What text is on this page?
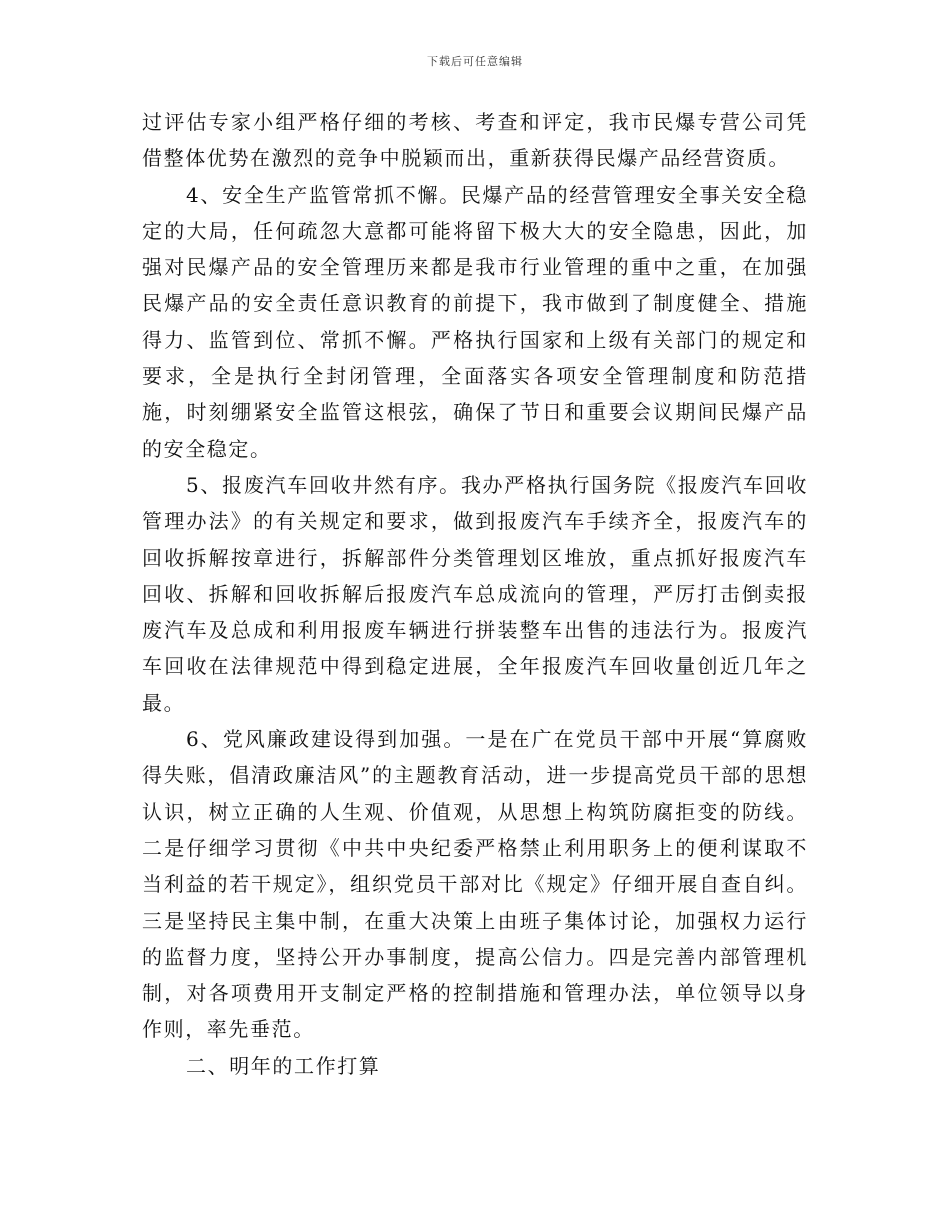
下载后可任意编辑

过评估专家小组严格仔细的考核、考查和评定，我市民爆专营公司凭借整体优势在激烈的竞争中脱颖而出，重新获得民爆产品经营资质。

4、安全生产监管常抓不懈。民爆产品的经营管理安全事关安全稳定的大局，任何疏忽大意都可能将留下极大大的安全隐患，因此，加强对民爆产品的安全管理历来都是我市行业管理的重中之重，在加强民爆产品的安全责任意识教育的前提下，我市做到了制度健全、措施得力、监管到位、常抓不懈。严格执行国家和上级有关部门的规定和要求，全是执行全封闭管理，全面落实各项安全管理制度和防范措施，时刻绷紧安全监管这根弦，确保了节日和重要会议期间民爆产品的安全稳定。

5、报废汽车回收井然有序。我办严格执行国务院《报废汽车回收管理办法》的有关规定和要求，做到报废汽车手续齐全，报废汽车的回收拆解按章进行，拆解部件分类管理划区堆放，重点抓好报废汽车回收、拆解和回收拆解后报废汽车总成流向的管理，严厉打击倒卖报废汽车及总成和利用报废车辆进行拼装整车出售的违法行为。报废汽车回收在法律规范中得到稳定进展，全年报废汽车回收量创近几年之最。

6、党风廉政建设得到加强。一是在广在党员干部中开展“算腐败得失账，倡清政廉洁风”的主题教育活动，进一步提高党员干部的思想认识，树立正确的人生观、价值观，从思想上构筑防腐拒变的防线。二是仔细学习贯彻《中共中央纪委严格禁止利用职务上的便利谋取不当利益的若干规定》，组织党员干部对比《规定》仔细开展自查自纠。三是坚持民主集中制，在重大决策上由班子集体讨论，加强权力运行的监督力度，坚持公开办事制度，提高公信力。四是完善内部管理机制，对各项费用开支制定严格的控制措施和管理办法，单位领导以身作则，率先垂范。

二、明年的工作打算
